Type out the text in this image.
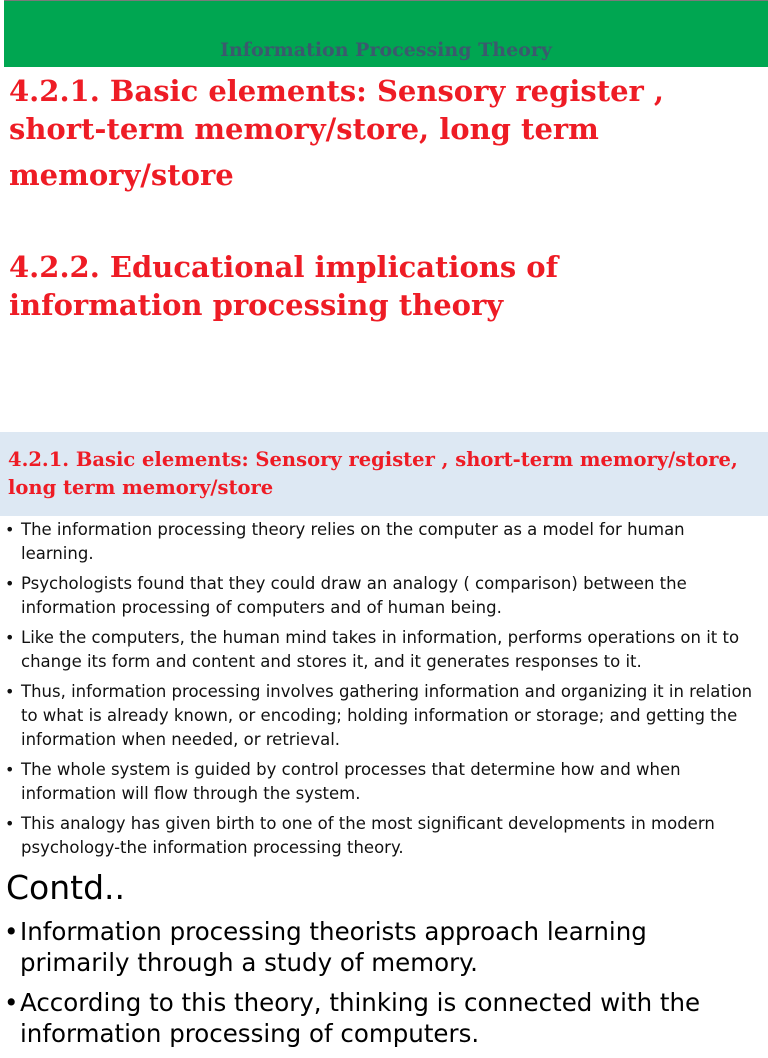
Information Processing Theory

4.2.1. Basic elements: Sensory register , short-term memory/store, long term

memory/store

4.2.2. Educational implications of information processing theory

4.2.1. Basic elements: Sensory register , short-term memory/store, long term memory/store

• The information processing theory relies on the computer as a model for human learning.
• Psychologists found that they could draw an analogy ( comparison) between the information processing of computers and of human being.
• Like the computers, the human mind takes in information, performs operations on it to change its form and content and stores it, and it generates responses to it.
• Thus, information processing involves gathering information and organizing it in relation to what is already known, or encoding; holding information or storage; and getting the information when needed, or retrieval.
• The whole system is guided by control processes that determine how and when information will flow through the system.
• This analogy has given birth to one of the most significant developments in modern psychology-the information processing theory.
Contd..
• Information processing theorists approach learning primarily through a study of memory.
• According to this theory, thinking is connected with the information processing of computers.
